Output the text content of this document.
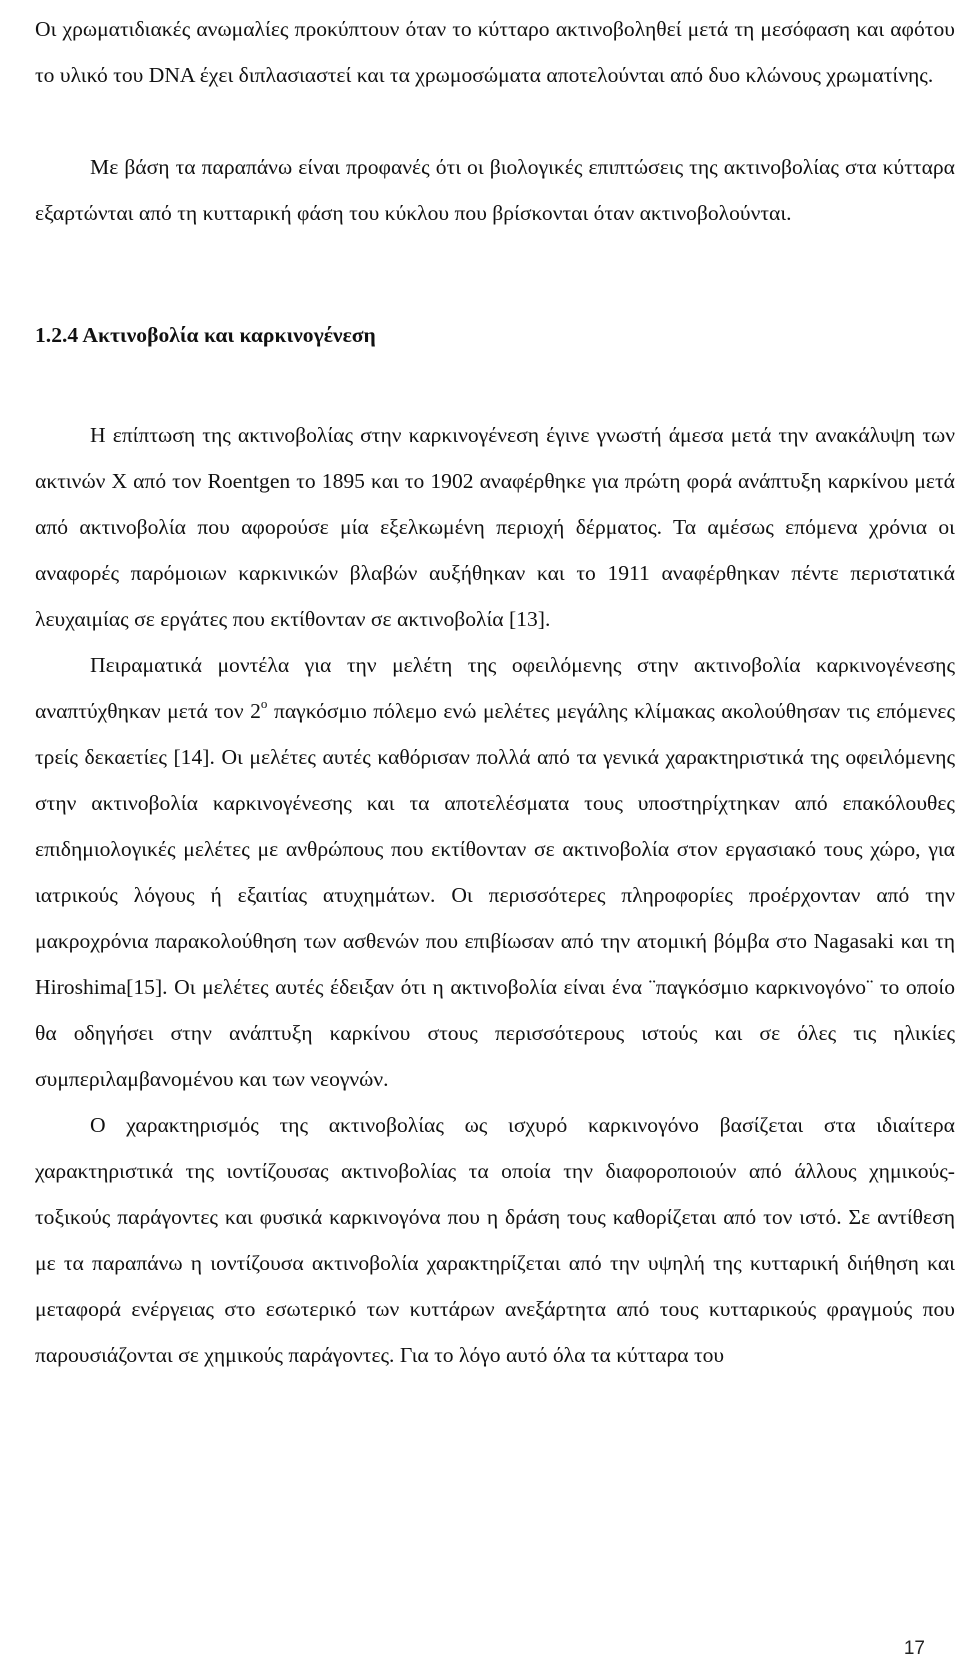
Οι χρωματιδιακές ανωμαλίες προκύπτουν όταν το κύτταρο ακτινοβοληθεί μετά τη μεσόφαση και αφότου το υλικό του DNA έχει διπλασιαστεί και τα χρωμοσώματα αποτελούνται από δυο κλώνους χρωματίνης.

Με βάση τα παραπάνω είναι προφανές ότι οι βιολογικές επιπτώσεις της ακτινοβολίας στα κύτταρα εξαρτώνται από τη κυτταρική φάση του κύκλου που βρίσκονται όταν ακτινοβολούνται.

1.2.4 Ακτινοβολία και καρκινογένεση

Η επίπτωση της ακτινοβολίας στην καρκινογένεση έγινε γνωστή άμεσα μετά την ανακάλυψη των ακτινών Χ από τον Roentgen το 1895 και το 1902 αναφέρθηκε για πρώτη φορά ανάπτυξη καρκίνου μετά από ακτινοβολία που αφορούσε μία εξελκωμένη περιοχή δέρματος. Τα αμέσως επόμενα χρόνια οι αναφορές παρόμοιων καρκινικών βλαβών αυξήθηκαν και το 1911 αναφέρθηκαν πέντε περιστατικά λευχαιμίας σε εργάτες που εκτίθονταν σε ακτινοβολία [13].

Πειραματικά μοντέλα για την μελέτη της οφειλόμενης στην ακτινοβολία καρκινογένεσης αναπτύχθηκαν μετά τον $2^o$ παγκόσμιο πόλεμο ενώ μελέτες μεγάλης κλίμακας ακολούθησαν τις επόμενες τρείς δεκαετίες [14]. Οι μελέτες αυτές καθόρισαν πολλά από τα γενικά χαρακτηριστικά της οφειλόμενης στην ακτινοβολία καρκινογένεσης και τα αποτελέσματα τους υποστηρίχτηκαν από επακόλουθες επιδημιολογικές μελέτες με ανθρώπους που εκτίθονταν σε ακτινοβολία στον εργασιακό τους χώρο, για ιατρικούς λόγους ή εξαιτίας ατυχημάτων. Οι περισσότερες πληροφορίες προέρχονταν από την μακροχρόνια παρακολούθηση των ασθενών που επιβίωσαν από την ατομική βόμβα στο Nagasaki και τη Hiroshima[15]. Οι μελέτες αυτές έδειξαν ότι η ακτινοβολία είναι ένα ¨παγκόσμιο καρκινογόνο¨ το οποίο θα οδηγήσει στην ανάπτυξη καρκίνου στους περισσότερους ιστούς και σε όλες τις ηλικίες συμπεριλαμβανομένου και των νεογνών.

Ο χαρακτηρισμός της ακτινοβολίας ως ισχυρό καρκινογόνο βασίζεται στα ιδιαίτερα χαρακτηριστικά της ιοντίζουσας ακτινοβολίας τα οποία την διαφοροποιούν από άλλους χημικούς-τοξικούς παράγοντες και φυσικά καρκινογόνα που η δράση τους καθορίζεται από τον ιστό. Σε αντίθεση με τα παραπάνω η ιοντίζουσα ακτινοβολία χαρακτηρίζεται από την υψηλή της κυτταρική διήθηση και μεταφορά ενέργειας στο εσωτερικό των κυττάρων ανεξάρτητα από τους κυτταρικούς φραγμούς που παρουσιάζονται σε χημικούς παράγοντες. Για το λόγο αυτό όλα τα κύτταρα του

17
